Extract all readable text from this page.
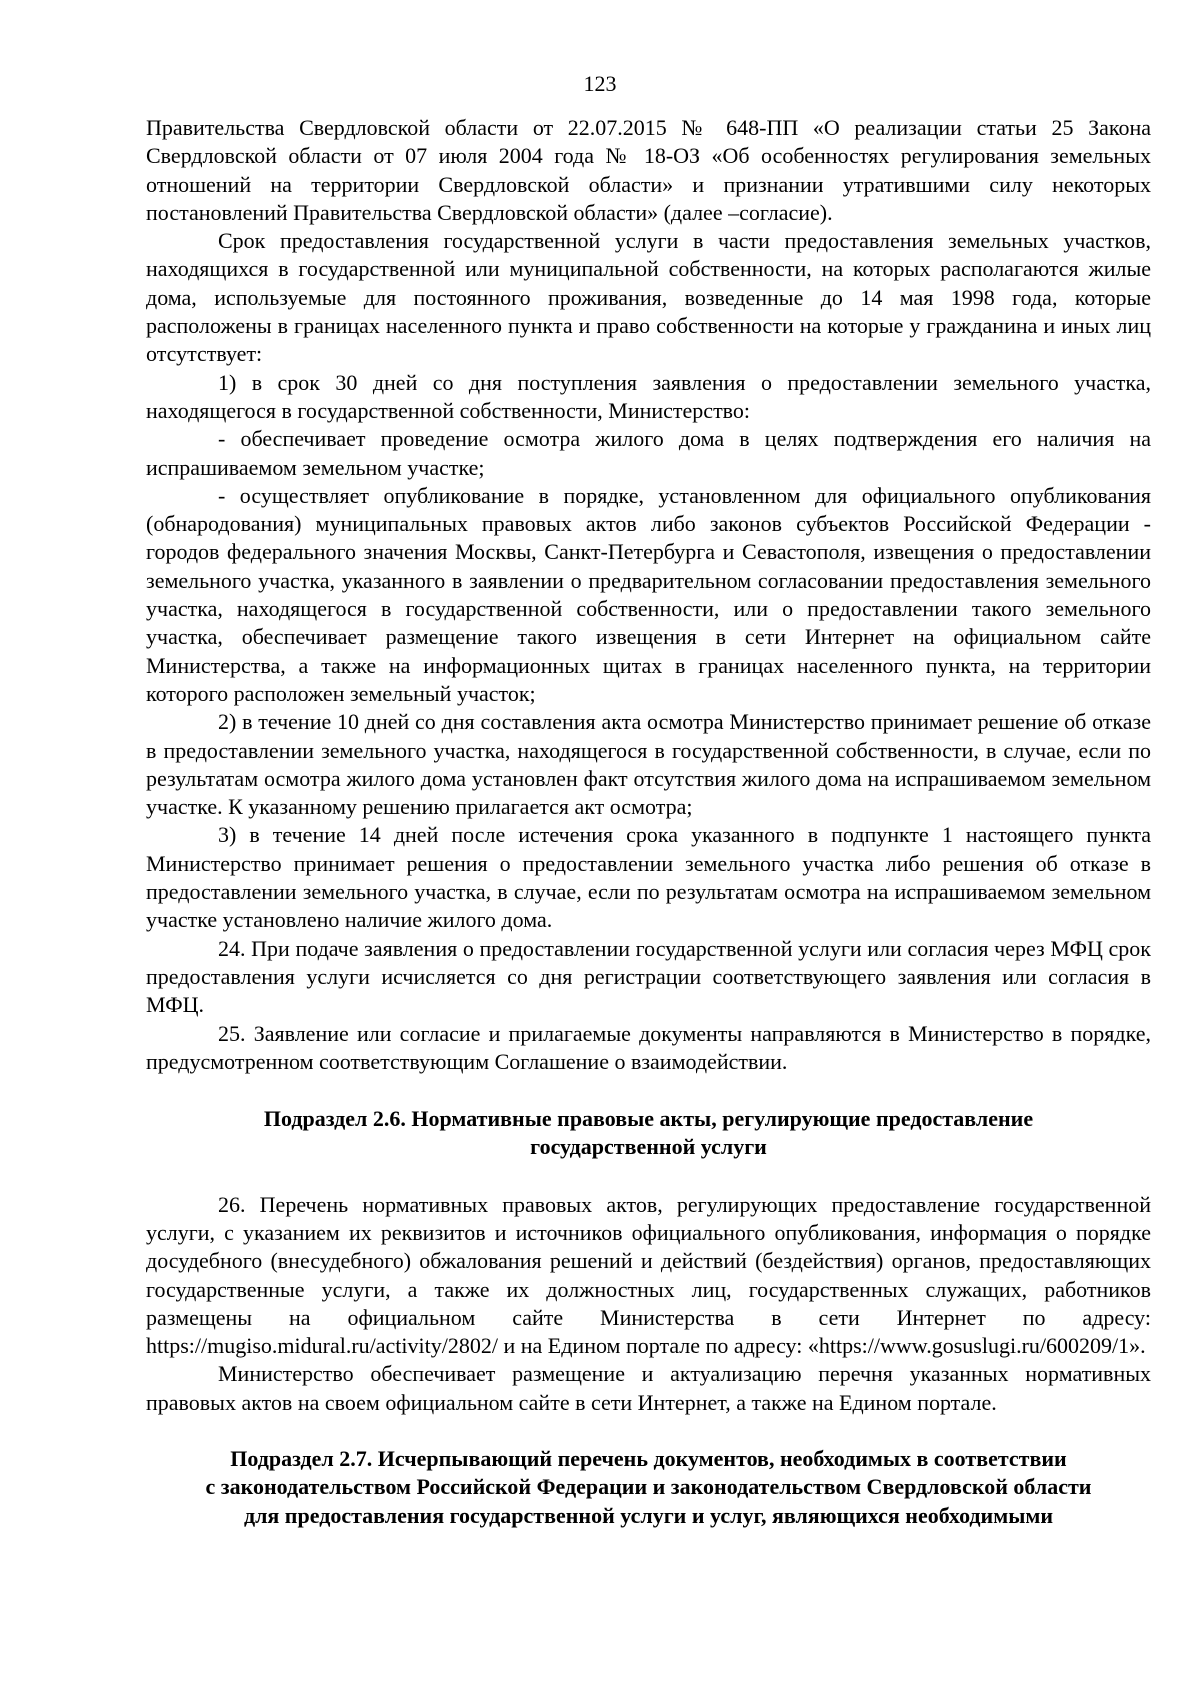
123

Правительства Свердловской области от 22.07.2015 № 648-ПП «О реализации статьи 25 Закона Свердловской области от 07 июля 2004 года № 18-ОЗ «Об особенностях регулирования земельных отношений на территории Свердловской области» и признании утратившими силу некоторых постановлений Правительства Свердловской области» (далее –согласие).

Срок предоставления государственной услуги в части предоставления земельных участков, находящихся в государственной или муниципальной собственности, на которых располагаются жилые дома, используемые для постоянного проживания, возведенные до 14 мая 1998 года, которые расположены в границах населенного пункта и право собственности на которые у гражданина и иных лиц отсутствует:

1) в срок 30 дней со дня поступления заявления о предоставлении земельного участка, находящегося в государственной собственности, Министерство:

- обеспечивает проведение осмотра жилого дома в целях подтверждения его наличия на испрашиваемом земельном участке;

- осуществляет опубликование в порядке, установленном для официального опубликования (обнародования) муниципальных правовых актов либо законов субъектов Российской Федерации - городов федерального значения Москвы, Санкт-Петербурга и Севастополя, извещения о предоставлении земельного участка, указанного в заявлении о предварительном согласовании предоставления земельного участка, находящегося в государственной собственности, или о предоставлении такого земельного участка, обеспечивает размещение такого извещения в сети Интернет на официальном сайте Министерства, а также на информационных щитах в границах населенного пункта, на территории которого расположен земельный участок;

2) в течение 10 дней со дня составления акта осмотра Министерство принимает решение об отказе в предоставлении земельного участка, находящегося в государственной собственности, в случае, если по результатам осмотра жилого дома установлен факт отсутствия жилого дома на испрашиваемом земельном участке. К указанному решению прилагается акт осмотра;

3) в течение 14 дней после истечения срока указанного в подпункте 1 настоящего пункта Министерство принимает решения о предоставлении земельного участка либо решения об отказе в предоставлении земельного участка, в случае, если по результатам осмотра на испрашиваемом земельном участке установлено наличие жилого дома.

24. При подаче заявления о предоставлении государственной услуги или согласия через МФЦ срок предоставления услуги исчисляется со дня регистрации соответствующего заявления или согласия в МФЦ.

25. Заявление или согласие и прилагаемые документы направляются в Министерство в порядке, предусмотренном соответствующим Соглашение о взаимодействии.

Подраздел 2.6. Нормативные правовые акты, регулирующие предоставление

государственной услуги

26. Перечень нормативных правовых актов, регулирующих предоставление государственной услуги, с указанием их реквизитов и источников официального опубликования, информация о порядке досудебного (внесудебного) обжалования решений и действий (бездействия) органов, предоставляющих государственные услуги, а также их должностных лиц, государственных служащих, работников размещены на официальном сайте Министерства в сети Интернет по адресу: https://mugiso.midural.ru/activity/2802/ и на Едином портале по адресу: «https://www.gosuslugi.ru/600209/1».

Министерство обеспечивает размещение и актуализацию перечня указанных нормативных правовых актов на своем официальном сайте в сети Интернет, а также на Едином портале.

Подраздел 2.7. Исчерпывающий перечень документов, необходимых в соответствии

с законодательством Российской Федерации и законодательством Свердловской области

для предоставления государственной услуги и услуг, являющихся необходимыми
